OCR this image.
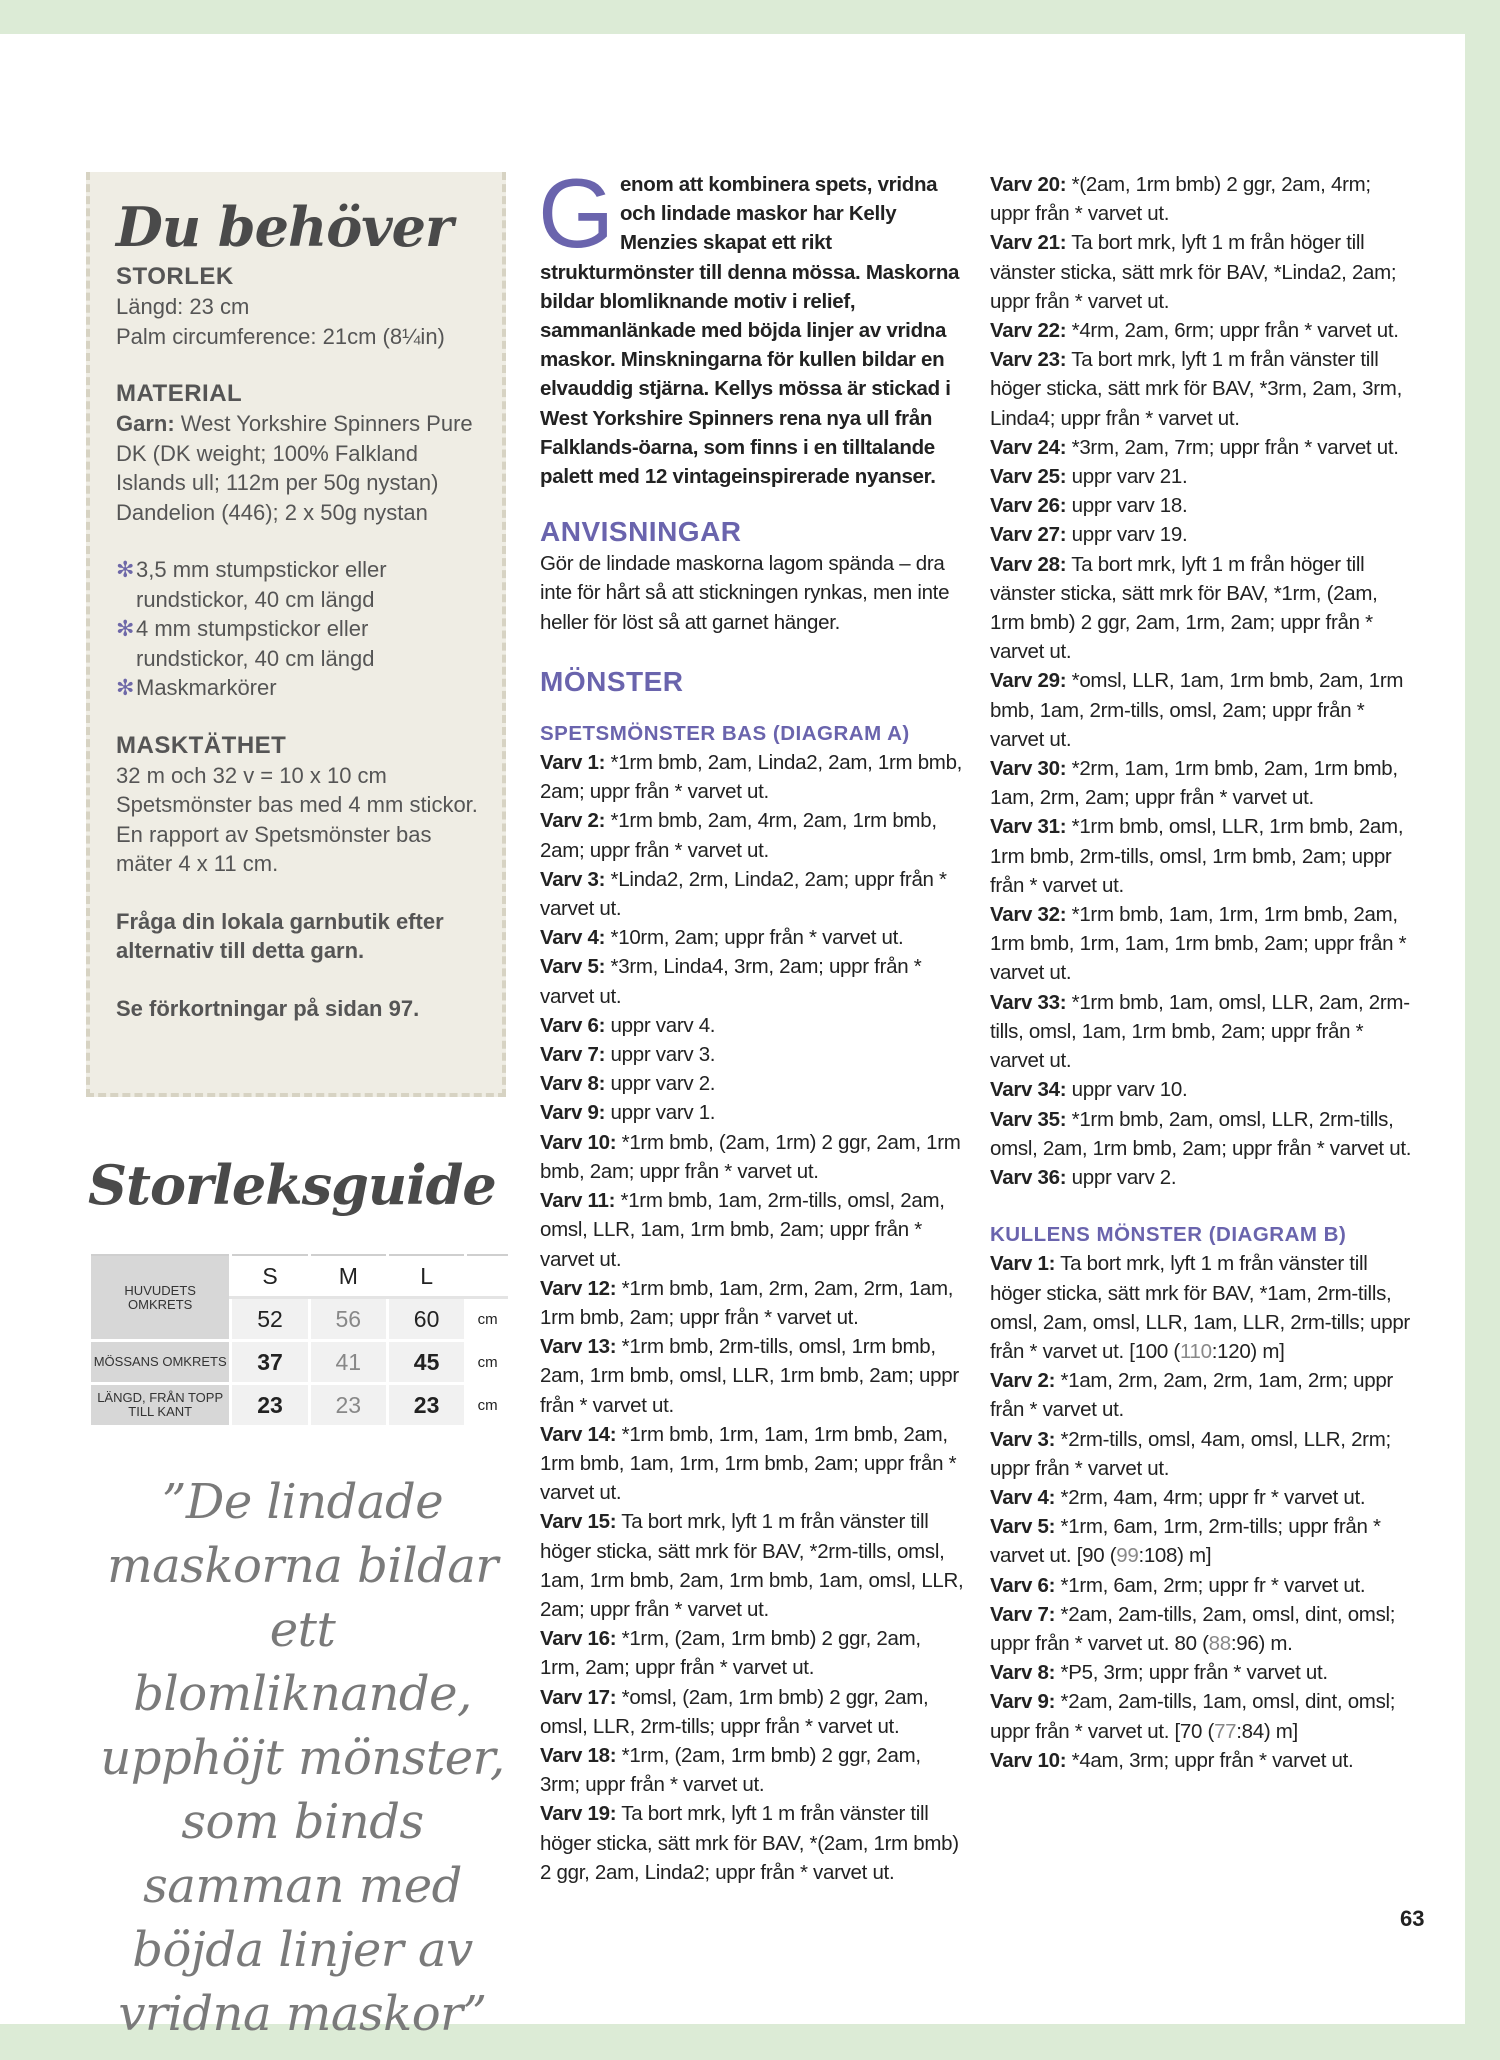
Du behöver

STORLEK

Längd: 23 cm

Palm circumference: 21cm (8¼in)

MATERIAL

Garn: West Yorkshire Spinners Pure DK (DK weight; 100% Falkland Islands ull; 112m per 50g nystan) Dandelion (446); 2 x 50g nystan

✻ 3,5 mm stumpstickor eller rundstickor, 40 cm längd
✻ 4 mm stumpstickor eller rundstickor, 40 cm längd
✻ Maskmarkörer

MASKTÄTHET

32 m och 32 v = 10 x 10 cm

Spetsmönster bas med 4 mm stickor.

En rapport av Spetsmönster bas mäter 4 x 11 cm.

Fråga din lokala garnbutik efter alternativ till detta garn.

Se förkortningar på sidan 97.

Storleksguide
HUVUDETS OMKRETS	S	M	L	
	52	56	60	cm
MÖSSANS OMKRETS	37	41	45	cm
LÄNGD, FRÅN TOPP TILL KANT	23	23	23	cm

”De lindade maskorna bildar ett blomliknande, upphöjt mönster, som binds samman med böjda linjer av vridna maskor”

Genom att kombinera spets, vridna och lindade maskor har Kelly Menzies skapat ett rikt strukturmönster till denna mössa. Maskorna bildar blomliknande motiv i relief, sammanlänkade med böjda linjer av vridna maskor. Minskningarna för kullen bildar en elvauddig stjärna. Kellys mössa är stickad i West Yorkshire Spinners rena nya ull från Falklands-öarna, som finns i en tilltalande palett med 12 vintageinspirerade nyanser.

ANVISNINGAR

Gör de lindade maskorna lagom spända – dra inte för hårt så att stickningen rynkas, men inte heller för löst så att garnet hänger.

MÖNSTER

SPETSMÖNSTER BAS (DIAGRAM A)

Varv 1: *1rm bmb, 2am, Linda2, 2am, 1rm bmb, 2am; uppr från * varvet ut.

Varv 2: *1rm bmb, 2am, 4rm, 2am, 1rm bmb, 2am; uppr från * varvet ut.

Varv 3: *Linda2, 2rm, Linda2, 2am; uppr från * varvet ut.

Varv 4: *10rm, 2am; uppr från * varvet ut.

Varv 5: *3rm, Linda4, 3rm, 2am; uppr från * varvet ut.

Varv 6: uppr varv 4.

Varv 7: uppr varv 3.

Varv 8: uppr varv 2.

Varv 9: uppr varv 1.

Varv 10: *1rm bmb, (2am, 1rm) 2 ggr, 2am, 1rm bmb, 2am; uppr från * varvet ut.

Varv 11: *1rm bmb, 1am, 2rm-tills, omsl, 2am, omsl, LLR, 1am, 1rm bmb, 2am; uppr från * varvet ut.

Varv 12: *1rm bmb, 1am, 2rm, 2am, 2rm, 1am, 1rm bmb, 2am; uppr från * varvet ut.

Varv 13: *1rm bmb, 2rm-tills, omsl, 1rm bmb, 2am, 1rm bmb, omsl, LLR, 1rm bmb, 2am; uppr från * varvet ut.

Varv 14: *1rm bmb, 1rm, 1am, 1rm bmb, 2am, 1rm bmb, 1am, 1rm, 1rm bmb, 2am; uppr från * varvet ut.

Varv 15: Ta bort mrk, lyft 1 m från vänster till höger sticka, sätt mrk för BAV, *2rm-tills, omsl, 1am, 1rm bmb, 2am, 1rm bmb, 1am, omsl, LLR, 2am; uppr från * varvet ut.

Varv 16: *1rm, (2am, 1rm bmb) 2 ggr, 2am, 1rm, 2am; uppr från * varvet ut.

Varv 17: *omsl, (2am, 1rm bmb) 2 ggr, 2am, omsl, LLR, 2rm-tills; uppr från * varvet ut.

Varv 18: *1rm, (2am, 1rm bmb) 2 ggr, 2am, 3rm; uppr från * varvet ut.

Varv 19: Ta bort mrk, lyft 1 m från vänster till höger sticka, sätt mrk för BAV, *(2am, 1rm bmb) 2 ggr, 2am, Linda2; uppr från * varvet ut.

Varv 20: *(2am, 1rm bmb) 2 ggr, 2am, 4rm; uppr från * varvet ut.

Varv 21: Ta bort mrk, lyft 1 m från höger till vänster sticka, sätt mrk för BAV, *Linda2, 2am; uppr från * varvet ut.

Varv 22: *4rm, 2am, 6rm; uppr från * varvet ut.

Varv 23: Ta bort mrk, lyft 1 m från vänster till höger sticka, sätt mrk för BAV, *3rm, 2am, 3rm, Linda4; uppr från * varvet ut.

Varv 24: *3rm, 2am, 7rm; uppr från * varvet ut.

Varv 25: uppr varv 21.

Varv 26: uppr varv 18.

Varv 27: uppr varv 19.

Varv 28: Ta bort mrk, lyft 1 m från höger till vänster sticka, sätt mrk för BAV, *1rm, (2am, 1rm bmb) 2 ggr, 2am, 1rm, 2am; uppr från * varvet ut.

Varv 29: *omsl, LLR, 1am, 1rm bmb, 2am, 1rm bmb, 1am, 2rm-tills, omsl, 2am; uppr från * varvet ut.

Varv 30: *2rm, 1am, 1rm bmb, 2am, 1rm bmb, 1am, 2rm, 2am; uppr från * varvet ut.

Varv 31: *1rm bmb, omsl, LLR, 1rm bmb, 2am, 1rm bmb, 2rm-tills, omsl, 1rm bmb, 2am; uppr från * varvet ut.

Varv 32: *1rm bmb, 1am, 1rm, 1rm bmb, 2am, 1rm bmb, 1rm, 1am, 1rm bmb, 2am; uppr från * varvet ut.

Varv 33: *1rm bmb, 1am, omsl, LLR, 2am, 2rm-tills, omsl, 1am, 1rm bmb, 2am; uppr från * varvet ut.

Varv 34: uppr varv 10.

Varv 35: *1rm bmb, 2am, omsl, LLR, 2rm-tills, omsl, 2am, 1rm bmb, 2am; uppr från * varvet ut.

Varv 36: uppr varv 2.

KULLENS MÖNSTER (DIAGRAM B)

Varv 1: Ta bort mrk, lyft 1 m från vänster till höger sticka, sätt mrk för BAV, *1am, 2rm-tills, omsl, 2am, omsl, LLR, 1am, LLR, 2rm-tills; uppr från * varvet ut. [100 (110:120) m]

Varv 2: *1am, 2rm, 2am, 2rm, 1am, 2rm; uppr från * varvet ut.

Varv 3: *2rm-tills, omsl, 4am, omsl, LLR, 2rm; uppr från * varvet ut.

Varv 4: *2rm, 4am, 4rm; uppr fr * varvet ut.

Varv 5: *1rm, 6am, 1rm, 2rm-tills; uppr från * varvet ut. [90 (99:108) m]

Varv 6: *1rm, 6am, 2rm; uppr fr * varvet ut.

Varv 7: *2am, 2am-tills, 2am, omsl, dint, omsl; uppr från * varvet ut. 80 (88:96) m.

Varv 8: *P5, 3rm; uppr från * varvet ut.

Varv 9: *2am, 2am-tills, 1am, omsl, dint, omsl; uppr från * varvet ut. [70 (77:84) m]

Varv 10: *4am, 3rm; uppr från * varvet ut.

63
